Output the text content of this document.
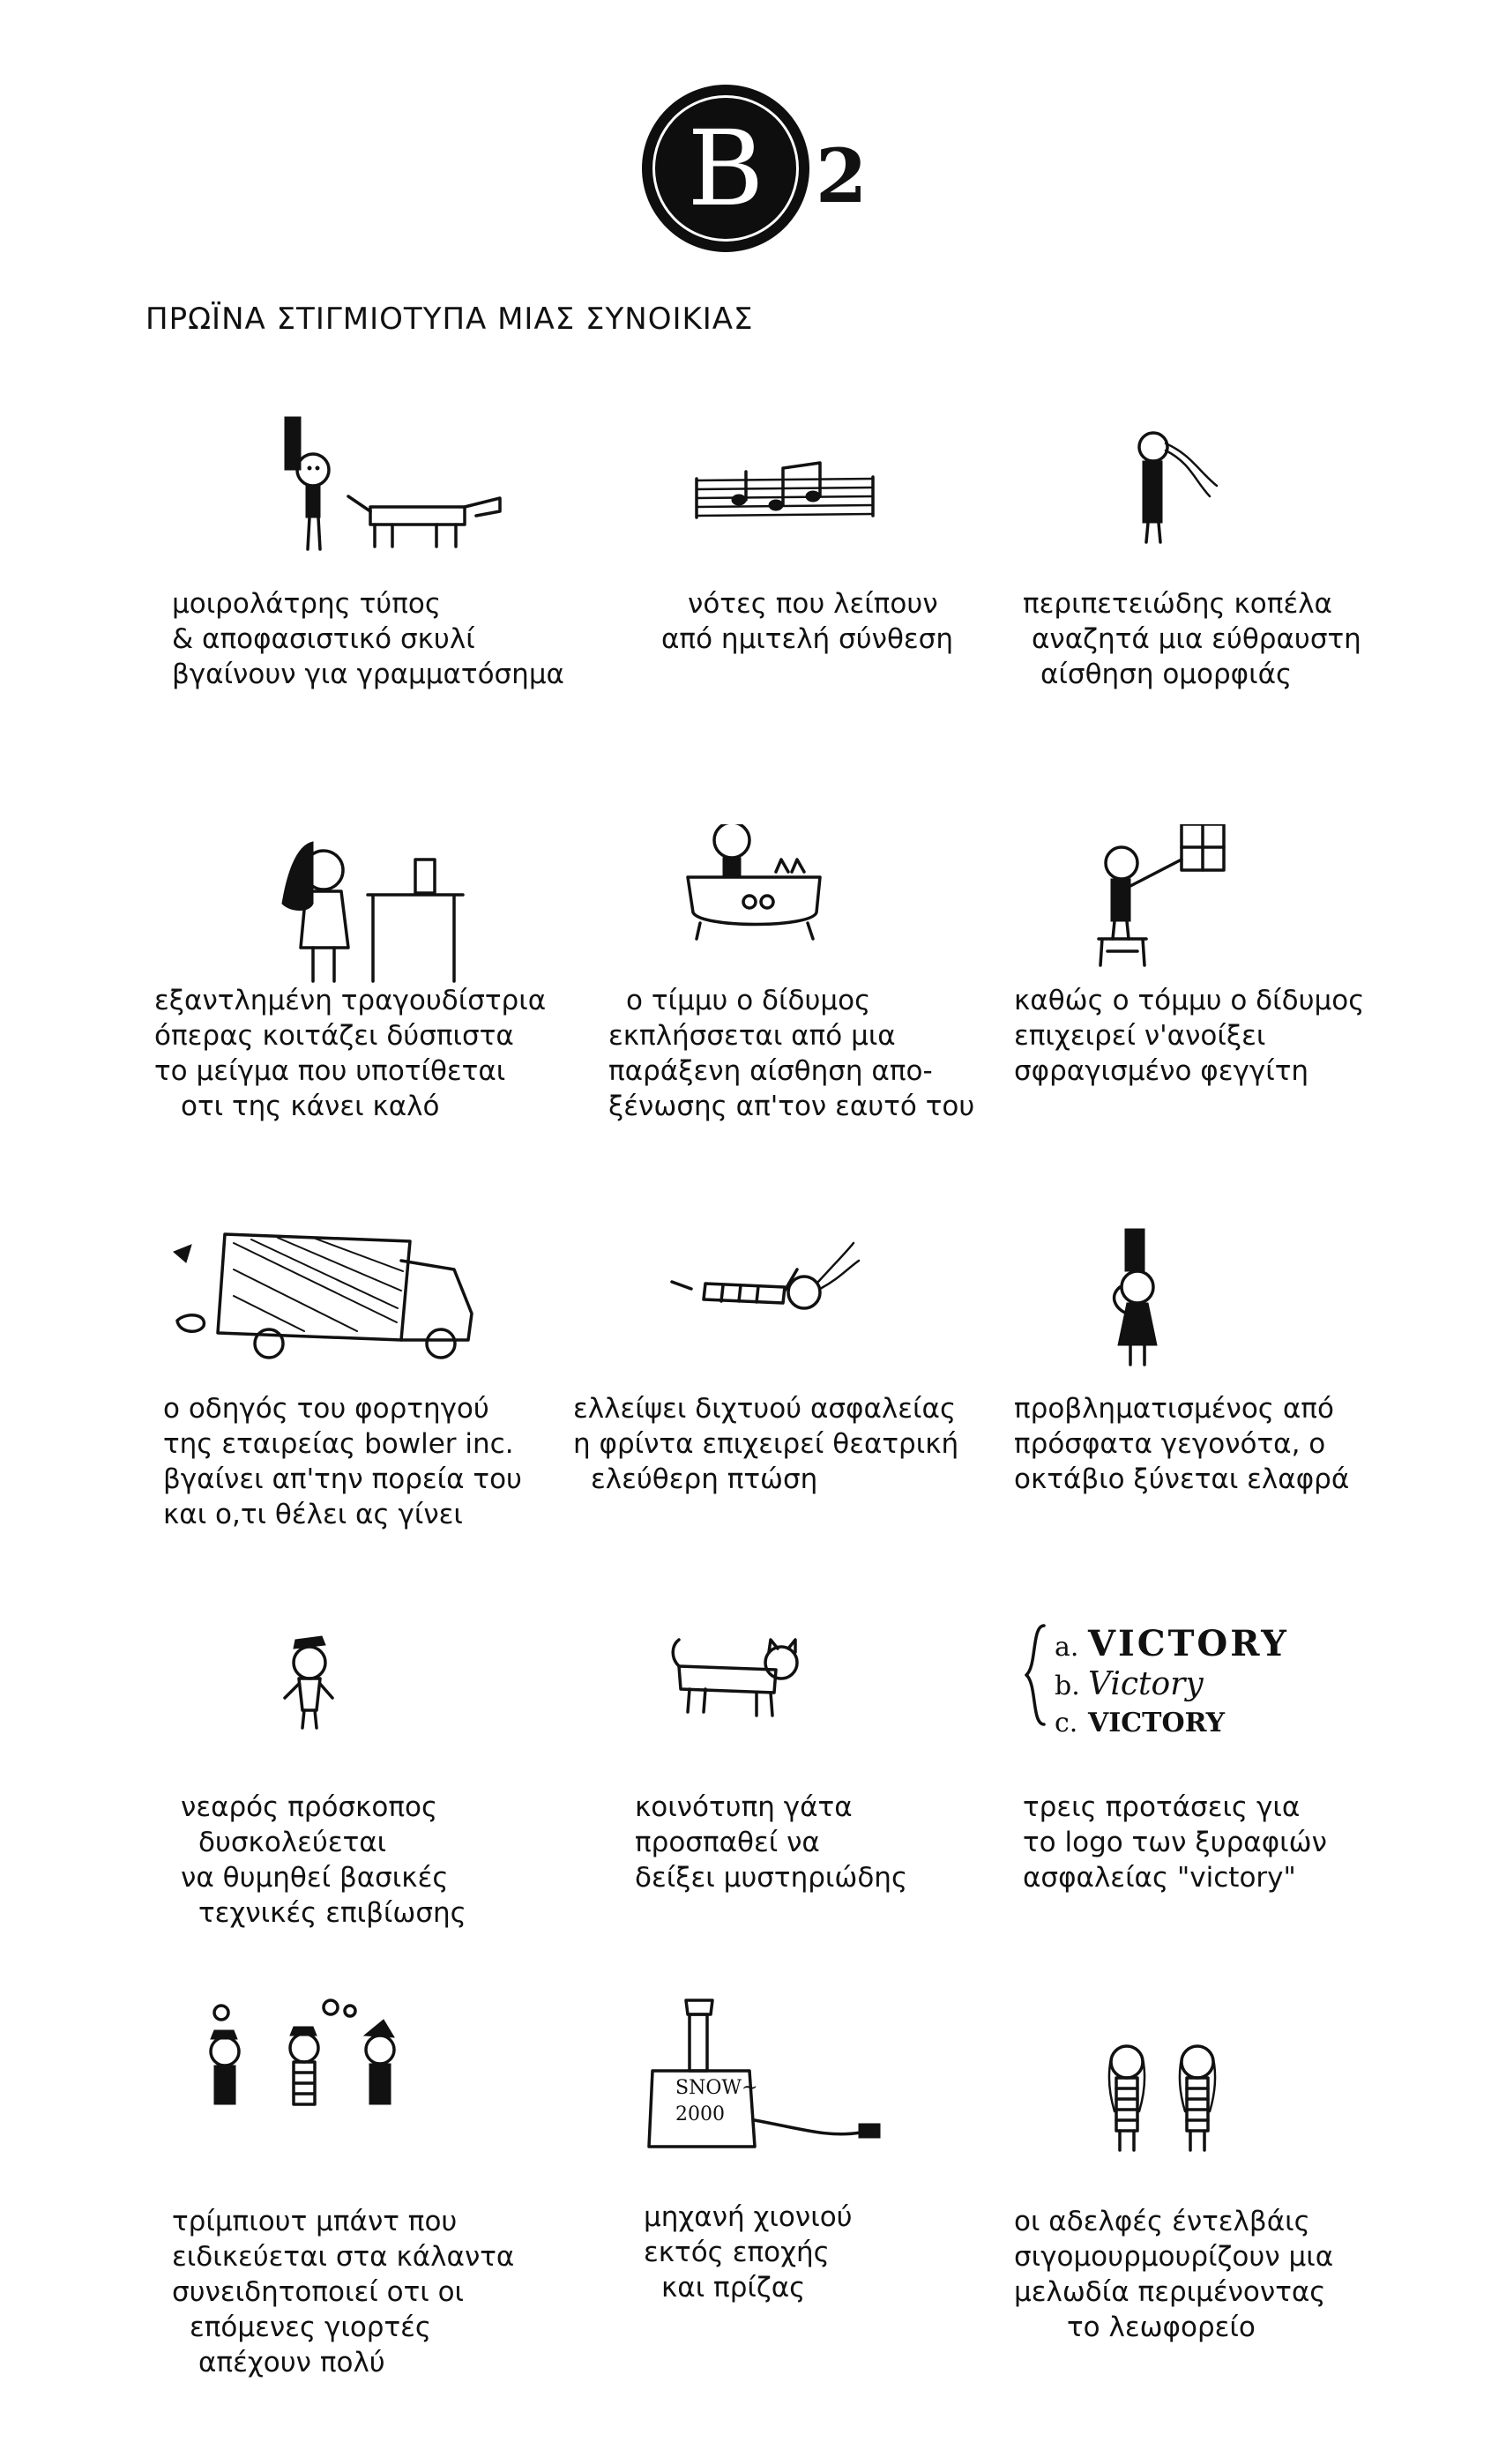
B 2
ΠΡΩΪΝΑ ΣΤΙΓΜΙΟΤΥΠΑ ΜΙΑΣ ΣΥΝΟΙΚΙΑΣ
μοιρολάτρης τύπος
& αποφασιστικό σκυλί
βγαίνουν για γραμματόσημα
νότες που λείπουν
από ημιτελή σύνθεση
περιπετειώδης κοπέλα
αναζητά μια εύθραυστη
αίσθηση ομορφιάς
εξαντλημένη τραγουδίστρια
όπερας κοιτάζει δύσπιστα
το μείγμα που υποτίθεται
οτι της κάνει καλό
ο τίμμυ ο δίδυμος
εκπλήσσεται από μια
παράξενη αίσθηση απο-
ξένωσης απ'τον εαυτό του
καθώς ο τόμμυ ο δίδυμος
επιχειρεί ν'ανοίξει
σφραγισμένο φεγγίτη
ο οδηγός του φορτηγού
της εταιρείας bowler inc.
βγαίνει απ'την πορεία του
και ο,τι θέλει ας γίνει
ελλείψει διχτυού ασφαλείας
η φρίντα επιχειρεί θεατρική
ελεύθερη πτώση
προβληματισμένος από
πρόσφατα γεγονότα, ο
οκτάβιο ξύνεται ελαφρά
νεαρός πρόσκοπος
δυσκολεύεται
να θυμηθεί βασικές
τεχνικές επιβίωσης
κοινότυπη γάτα
προσπαθεί να
δείξει μυστηριώδης
a. VICTORY
b. Victory
c. VICTORY
τρεις προτάσεις για
το logo των ξυραφιών
ασφαλείας "victory"
τρίμπιουτ μπάντ που
ειδικεύεται στα κάλαντα
συνειδητοποιεί οτι οι
επόμενες γιορτές
απέχουν πολύ
SNOW~
2000
μηχανή χιονιού
εκτός εποχής
και πρίζας
οι αδελφές έντελβάις
σιγομουρμουρίζουν μια
μελωδία περιμένοντας
το λεωφορείο
